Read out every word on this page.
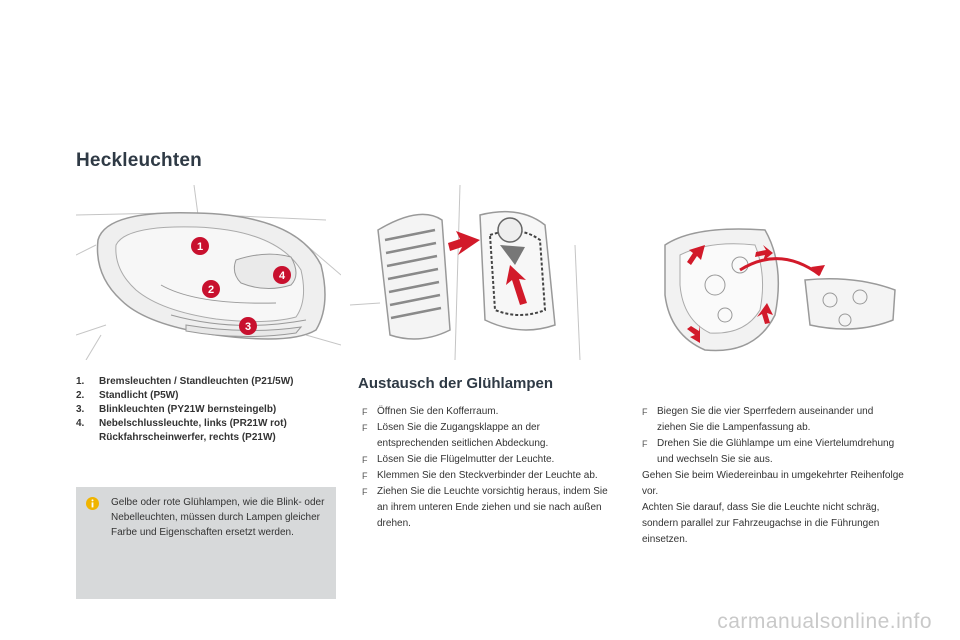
Heckleuchten
1
2
3
4
1.	Bremsleuchten / Standleuchten (P21/5W)
2.	Standlicht (P5W)
3.	Blinkleuchten (PY21W bernsteingelb)
4.	Nebelschlussleuchte, links (PR21W rot)
Rückfahrscheinwerfer, rechts (P21W)
Gelbe oder rote Glühlampen, wie die Blink- oder Nebelleuchten, müssen durch Lampen gleicher Farbe und Eigenschaften ersetzt werden.
Austausch der Glühlampen
F Öffnen Sie den Kofferraum.
F Lösen Sie die Zugangsklappe an der entsprechenden seitlichen Abdeckung.
F Lösen Sie die Flügelmutter der Leuchte.
F Klemmen Sie den Steckverbinder der Leuchte ab.
F Ziehen Sie die Leuchte vorsichtig heraus, indem Sie an ihrem unteren Ende ziehen und sie nach außen drehen.
F Biegen Sie die vier Sperrfedern auseinander und ziehen Sie die Lampenfassung ab.
F Drehen Sie die Glühlampe um eine Viertelumdrehung und wechseln Sie sie aus.
Gehen Sie beim Wiedereinbau in umgekehrter Reihenfolge vor.
Achten Sie darauf, dass Sie die Leuchte nicht schräg, sondern parallel zur Fahrzeugachse in die Führungen einsetzen.
carmanualsonline.info
